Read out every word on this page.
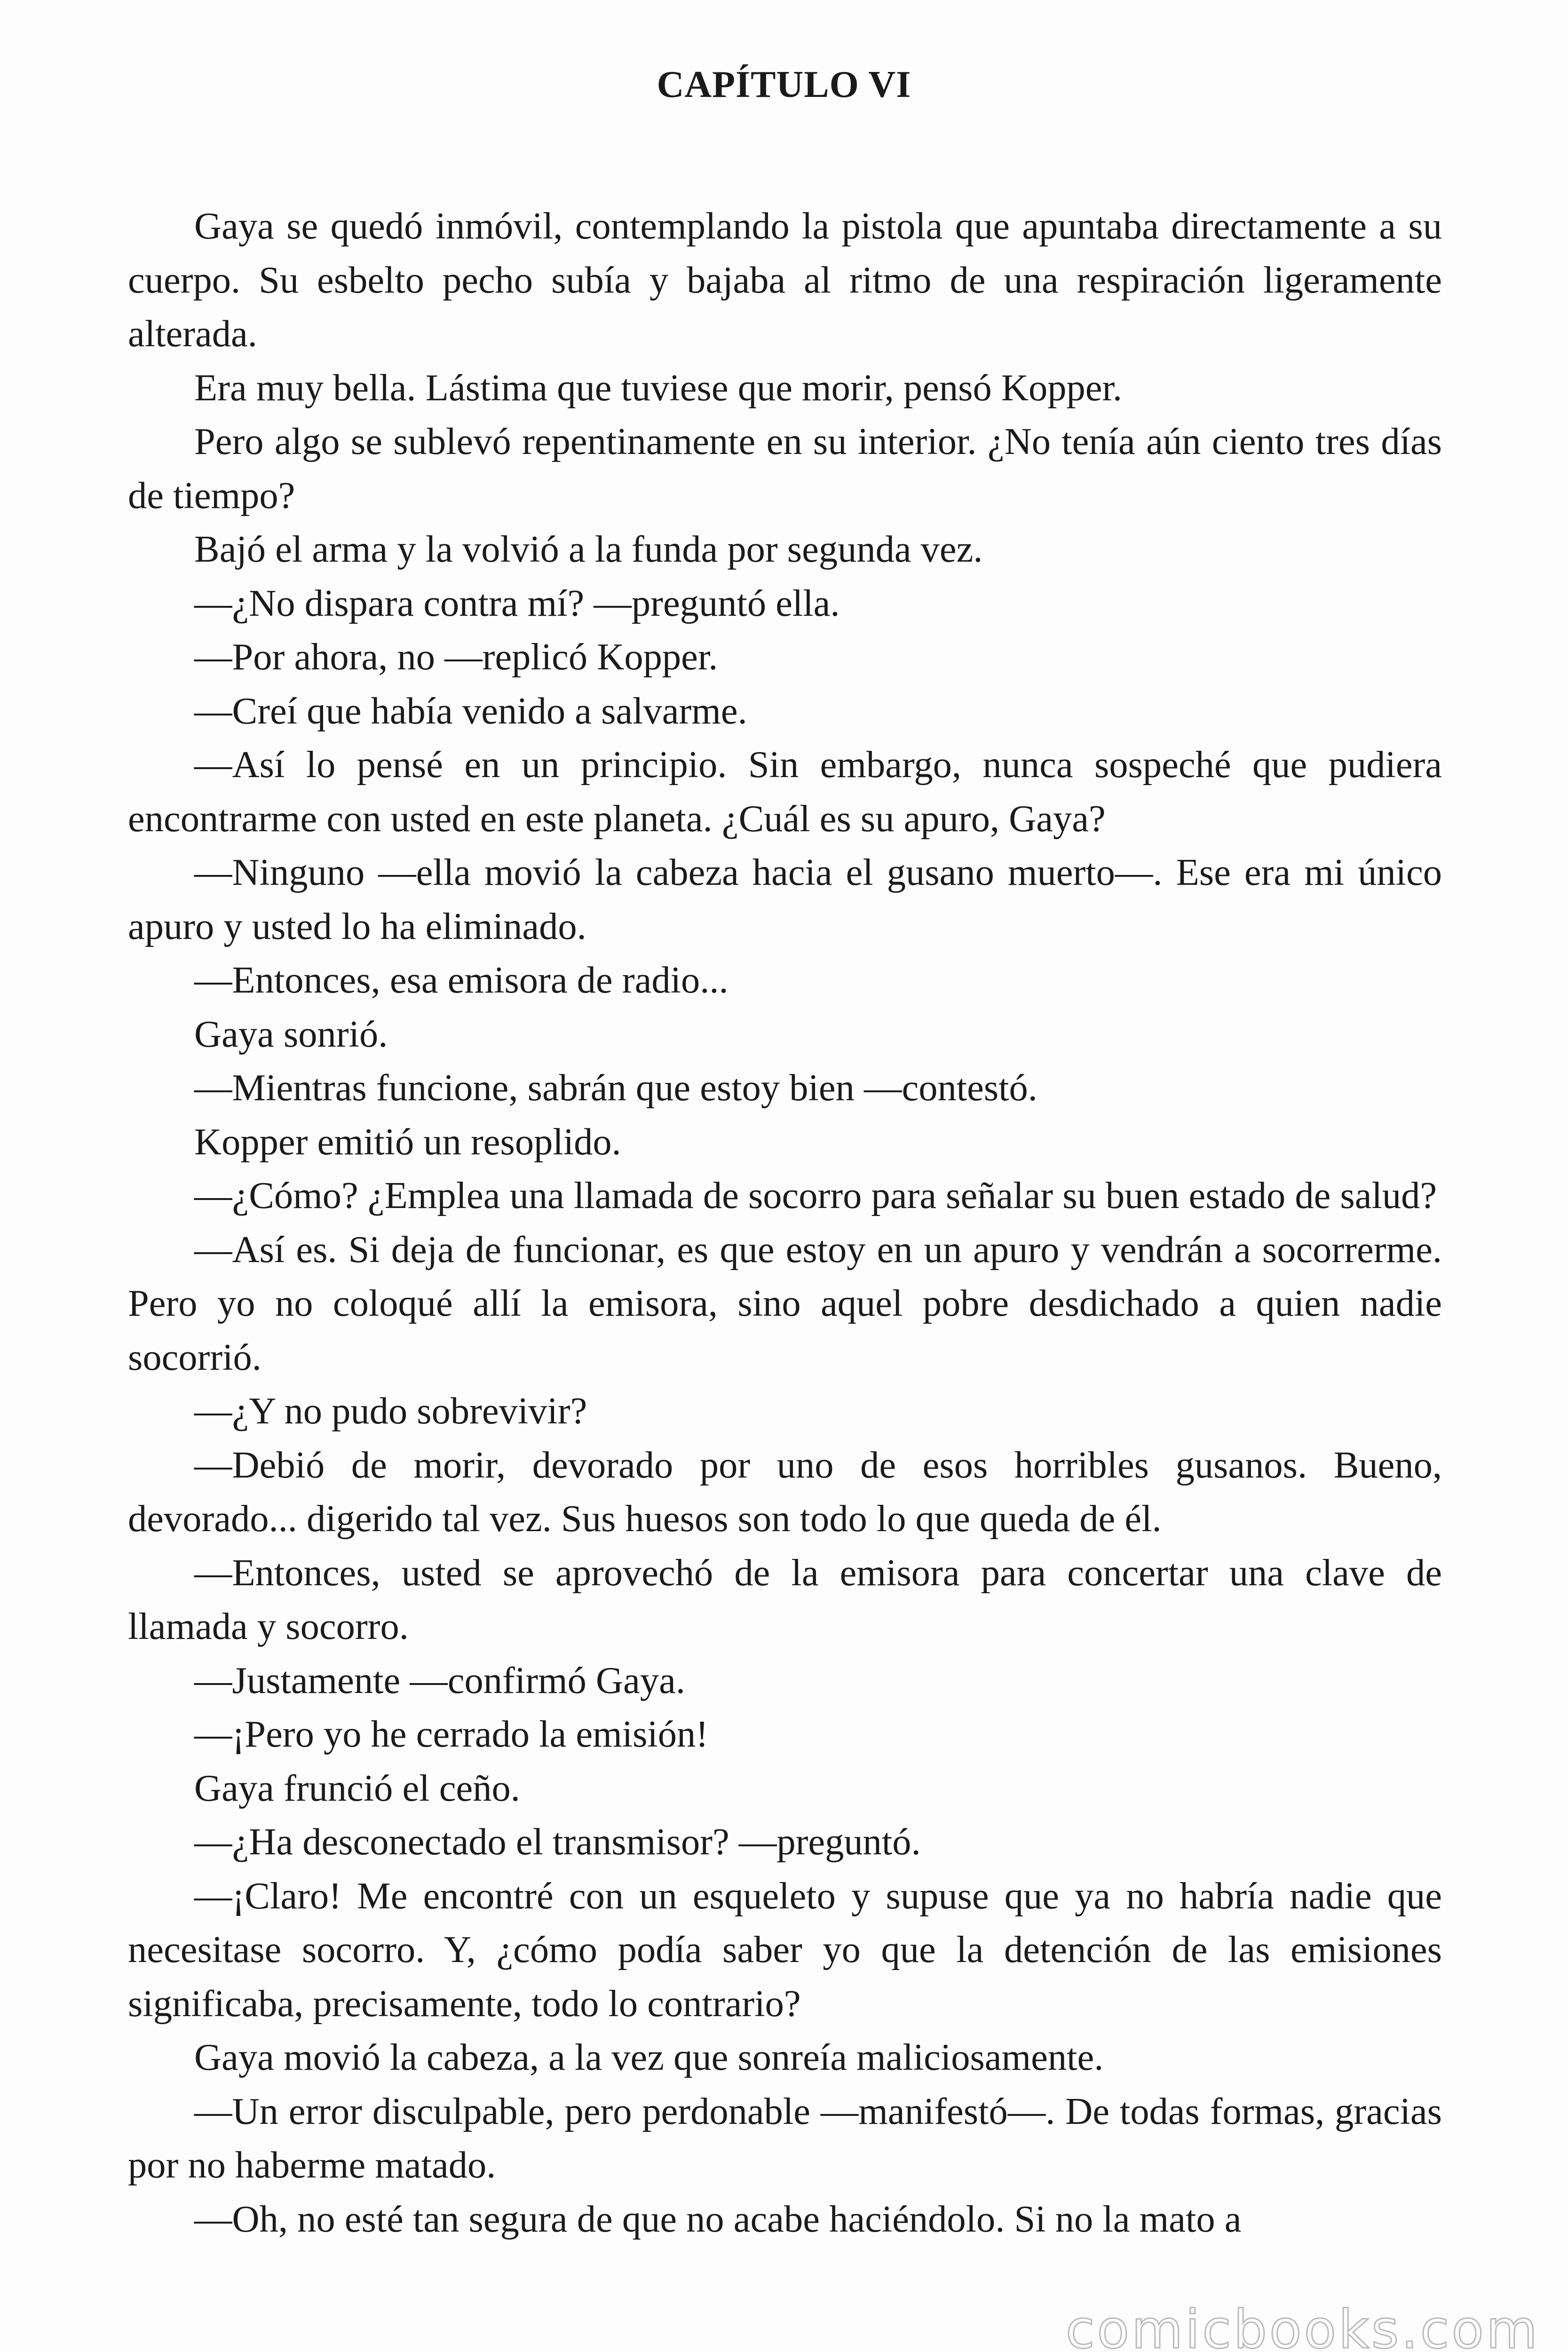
CAPÍTULO VI

Gaya se quedó inmóvil, contemplando la pistola que apuntaba directamente a su cuerpo. Su esbelto pecho subía y bajaba al ritmo de una respiración ligeramente alterada.

Era muy bella. Lástima que tuviese que morir, pensó Kopper.

Pero algo se sublevó repentinamente en su interior. ¿No tenía aún ciento tres días de tiempo?

Bajó el arma y la volvió a la funda por segunda vez.

—¿No dispara contra mí? —preguntó ella.

—Por ahora, no —replicó Kopper.

—Creí que había venido a salvarme.

—Así lo pensé en un principio. Sin embargo, nunca sospeché que pudiera encontrarme con usted en este planeta. ¿Cuál es su apuro, Gaya?

—Ninguno —ella movió la cabeza hacia el gusano muerto—. Ese era mi único apuro y usted lo ha eliminado.

—Entonces, esa emisora de radio...

Gaya sonrió.

—Mientras funcione, sabrán que estoy bien —contestó.

Kopper emitió un resoplido.

—¿Cómo? ¿Emplea una llamada de socorro para señalar su buen estado de salud?

—Así es. Si deja de funcionar, es que estoy en un apuro y vendrán a socorrerme. Pero yo no coloqué allí la emisora, sino aquel pobre desdichado a quien nadie socorrió.

—¿Y no pudo sobrevivir?

—Debió de morir, devorado por uno de esos horribles gusanos. Bueno, devorado... digerido tal vez. Sus huesos son todo lo que queda de él.

—Entonces, usted se aprovechó de la emisora para concertar una clave de llamada y socorro.

—Justamente —confirmó Gaya.

—¡Pero yo he cerrado la emisión!

Gaya frunció el ceño.

—¿Ha desconectado el transmisor? —preguntó.

—¡Claro! Me encontré con un esqueleto y supuse que ya no habría nadie que necesitase socorro. Y, ¿cómo podía saber yo que la detención de las emisiones significaba, precisamente, todo lo contrario?

Gaya movió la cabeza, a la vez que sonreía maliciosamente.

—Un error disculpable, pero perdonable —manifestó—. De todas formas, gracias por no haberme matado.

—Oh, no esté tan segura de que no acabe haciéndolo. Si no la mato a

comicbooks.com
